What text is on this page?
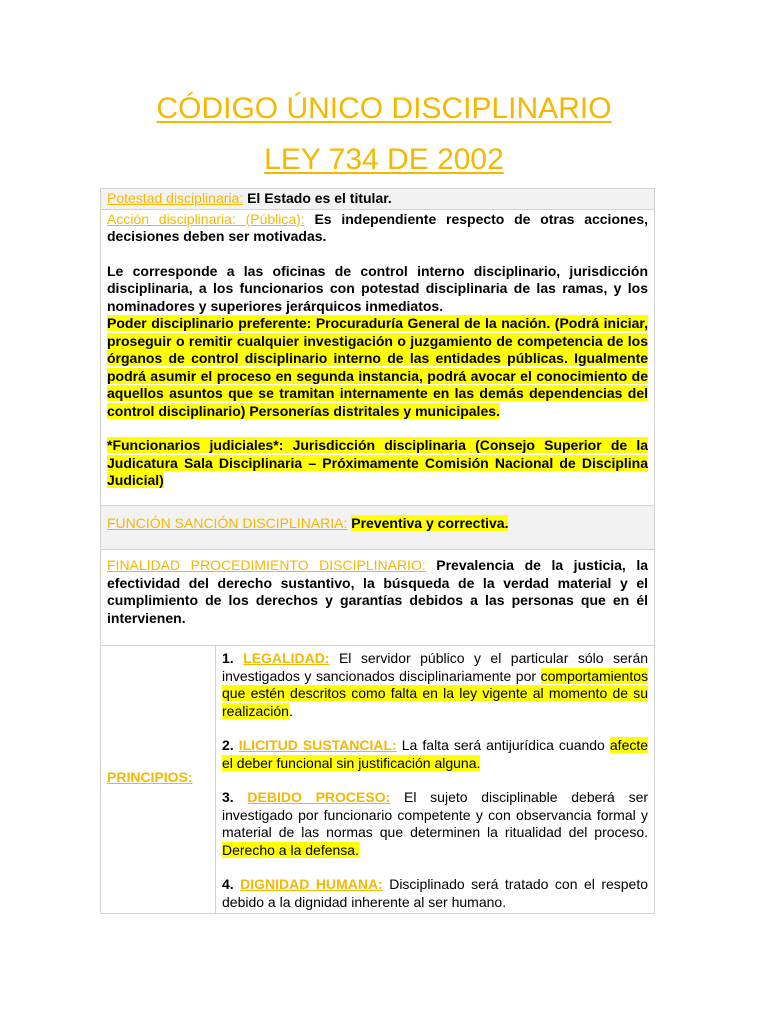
CÓDIGO ÚNICO DISCIPLINARIO
LEY 734 DE 2002
Potestad disciplinaria: El Estado es el titular.

Acción disciplinaria: (Pública): Es independiente respecto de otras acciones, decisiones deben ser motivadas.

Le corresponde a las oficinas de control interno disciplinario, jurisdicción disciplinaria, a los funcionarios con potestad disciplinaria de las ramas, y los nominadores y superiores jerárquicos inmediatos.

Poder disciplinario preferente: Procuraduría General de la nación. (Podrá iniciar, proseguir o remitir cualquier investigación o juzgamiento de competencia de los órganos de control disciplinario interno de las entidades públicas. Igualmente podrá asumir el proceso en segunda instancia, podrá avocar el conocimiento de aquellos asuntos que se tramitan internamente en las demás dependencias del control disciplinario) Personerías distritales y municipales.

*Funcionarios judiciales*: Jurisdicción disciplinaria (Consejo Superior de la Judicatura Sala Disciplinaria – Próximamente Comisión Nacional de Disciplina Judicial)

FUNCIÓN SANCIÓN DISCIPLINARIA: Preventiva y correctiva.
FINALIDAD PROCEDIMIENTO DISCIPLINARIO: Prevalencia de la justicia, la efectividad del derecho sustantivo, la búsqueda de la verdad material y el cumplimiento de los derechos y garantías debidos a las personas que en él intervienen.
PRINCIPIOS:	

1. LEGALIDAD: El servidor público y el particular sólo serán investigados y sancionados disciplinariamente por comportamientos que estén descritos como falta en la ley vigente al momento de su realización.

2. ILICITUD SUSTANCIAL: La falta será antijurídica cuando afecte el deber funcional sin justificación alguna.

3. DEBIDO PROCESO: El sujeto disciplinable deberá ser investigado por funcionario competente y con observancia formal y material de las normas que determinen la ritualidad del proceso. Derecho a la defensa.

4. DIGNIDAD HUMANA: Disciplinado será tratado con el respeto debido a la dignidad inherente al ser humano.
